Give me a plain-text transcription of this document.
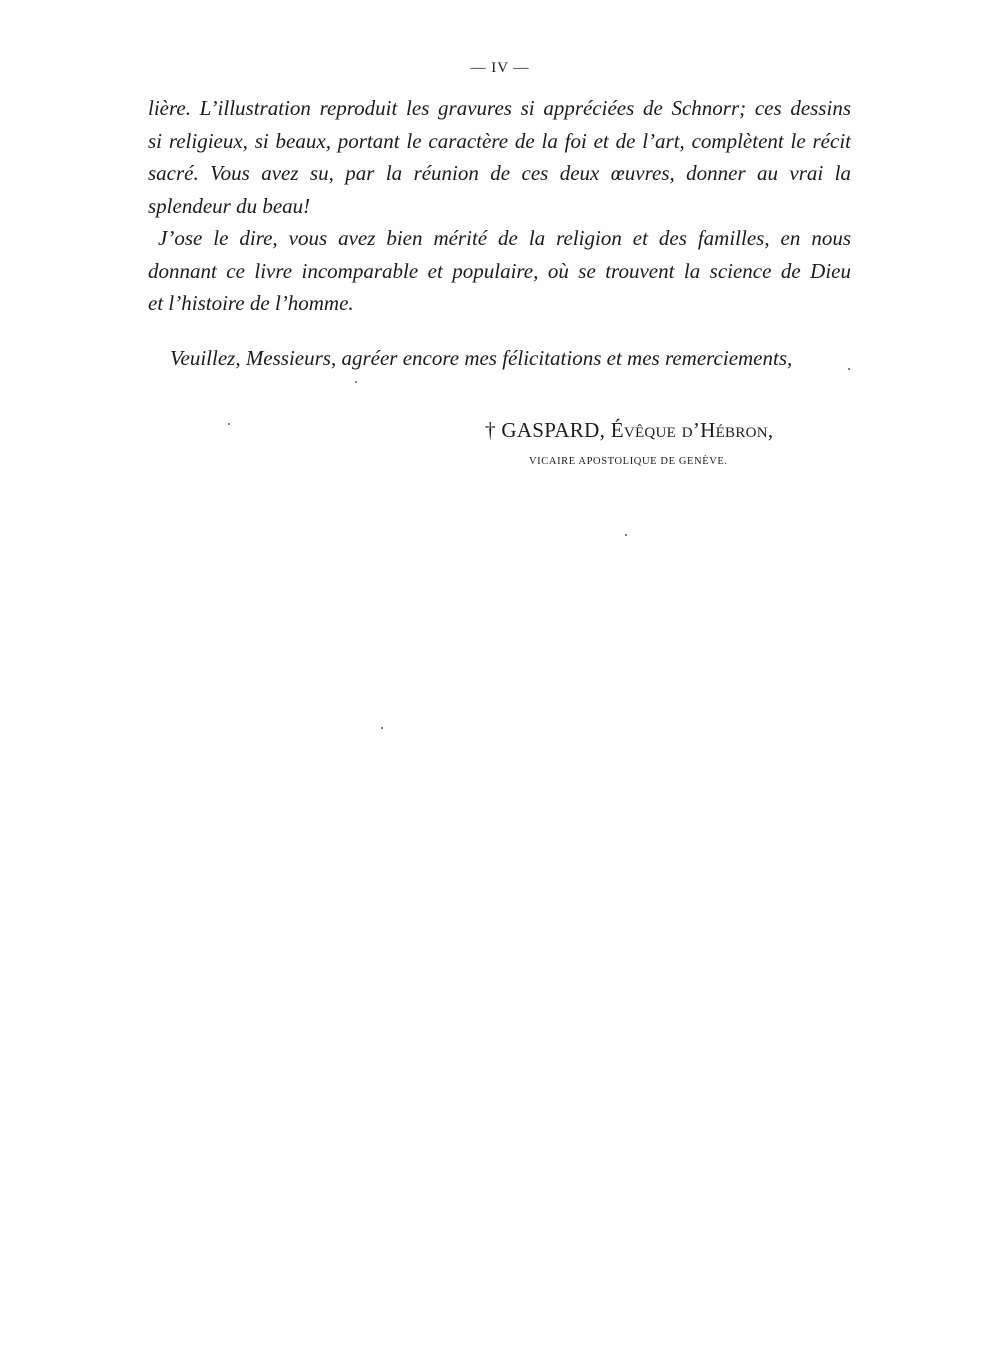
— IV —
lière. L’illustration reproduit les gravures si appréciées de Schnorr; ces dessins
si religieux, si beaux, portant le caractère de la foi et de l’art, complètent le récit
sacré. Vous avez su, par la réunion de ces deux œuvres, donner au vrai la
splendeur du beau!
J’ose le dire, vous avez bien mérité de la religion et des familles, en nous
donnant ce livre incomparable et populaire, où se trouvent la science de Dieu
et l’histoire de l’homme.
Veuillez, Messieurs, agréer encore mes félicitations et mes remerciements,
† GASPARD, Évêque d’Hébron,
VICAIRE APOSTOLIQUE DE GENÈVE.
